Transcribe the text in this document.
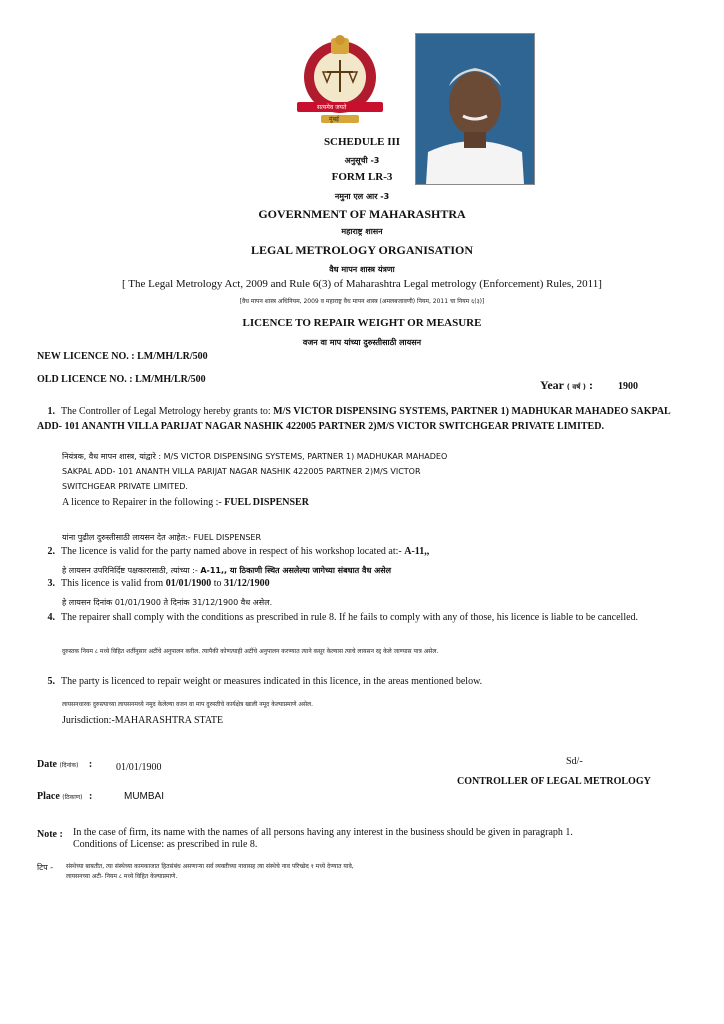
सत्यमेव जयते
मुंबई
SCHEDULE III
अनुसूची -3
FORM LR-3
नमुना एल आर -3
GOVERNMENT OF MAHARASHTRA
महाराष्ट्र शासन
LEGAL METROLOGY ORGANISATION
वैध मापन शास्त्र यंत्रणा
[ The Legal Metrology Act, 2009 and Rule 6(3) of Maharashtra Legal metrology (Enforcement) Rules, 2011]
[वैध मापन शास्त्र अधिनियम, 2009 व महाराष्ट्र वैध मापन शास्त्र (अमलबजावणी) नियम, 2011 चा नियम ६(३)]
LICENCE TO REPAIR WEIGHT OR MEASURE
वजन वा माप यांच्या दुरुस्तीसाठी लायसन
NEW LICENCE NO. : LM/MH/LR/500
OLD LICENCE NO. : LM/MH/LR/500	Year ( वर्ष ) :	1900
1. The Controller of Legal Metrology hereby grants to: M/S VICTOR DISPENSING SYSTEMS, PARTNER 1) MADHUKAR MAHADEO SAKPAL ADD- 101 ANANTH VILLA PARIJAT NAGAR NASHIK 422005 PARTNER 2)M/S VICTOR SWITCHGEAR PRIVATE LIMITED.
नियंत्रक, वैध मापन शास्त्र, यांद्वारे : M/S VICTOR DISPENSING SYSTEMS, PARTNER 1) MADHUKAR MAHADEO
SAKPAL ADD- 101 ANANTH VILLA PARIJAT NAGAR NASHIK 422005 PARTNER 2)M/S VICTOR
SWITCHGEAR PRIVATE LIMITED.
A licence to Repairer in the following :- FUEL DISPENSER
यांना पुढील दुरुस्तीसाठी लायसन देत आहेत:- FUEL DISPENSER
2. The licence is valid for the party named above in respect of his workshop located at:- A-11,,
हे लायसन उपरिनिर्दिष्ट पक्षकारासाठी, त्यांच्या :- A-11,, या ठिकाणी स्थित असलेल्या जागेच्या संबधात वैध असेल
3. This licence is valid from 01/01/1900 to 31/12/1900
हे लायसन दिनांक 01/01/1900 ते दिनांक 31/12/1900 वैध असेल.
4. The repairer shall comply with the conditions as prescribed in rule 8. If he fails to comply with any of those, his licence is liable to be cancelled.
दुरुस्तक नियम ८ मध्ये विहित शर्तीनुसार अटींचे अनुपालन करील. त्यापैकी कोणत्याही अटींचे अनुपालन करण्यात त्याने कसूर केल्यास त्याचे लायसन रद्द केले जाण्यास पात्र असेल.
5. The party is licenced to repair weight or measures indicated in this licence, in the areas mentioned below.
लायसनधारक दुरुस्त्याच्या लायसनमध्ये नमूद केलेल्या वजन वा माप दुरुस्तीचे कार्यक्षेत्र खाली नमूद केल्याप्रमाणे असेल.
Jurisdiction:-MAHARASHTRA STATE
Date (दिनांक) : 01/01/1900
Sd/-
CONTROLLER OF LEGAL METROLOGY
Place (ठिकाण) :	MUMBAI
Note : In the case of firm, its name with the names of all persons having any interest in the business should be given in paragraph 1.
Conditions of License: as prescribed in rule 8.
टिप - संस्थेच्या बाबतीत, त्या संस्थेच्या कामकाजात हितसंबंध असणाऱ्या सर्व व्यक्तीच्या नावासह त्या संस्थेचे नाव परिच्छेद १ मध्ये देण्यात यावे,
लायसनच्या अटी- नियम ८ मध्ये विहित केल्याप्रमाणे.
